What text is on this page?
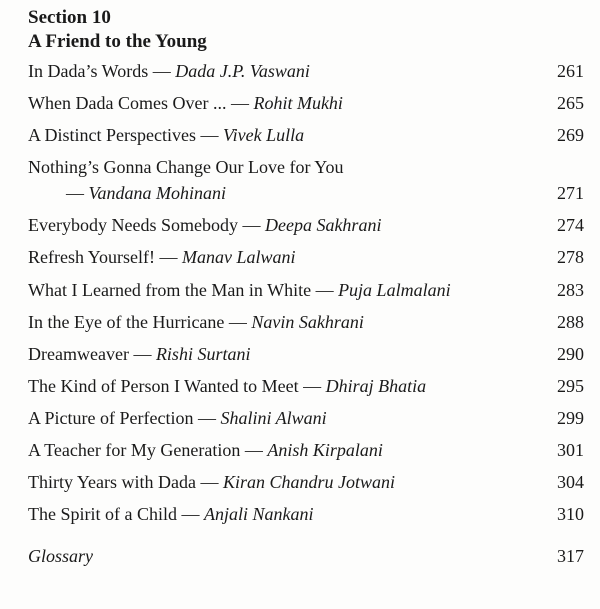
Section 10
A Friend to the Young
In Dada’s Words — Dada J.P. Vaswani	261
When Dada Comes Over ... — Rohit Mukhi	265
A Distinct Perspectives — Vivek Lulla	269
Nothing’s Gonna Change Our Love for You
— Vandana Mohinani	271
Everybody Needs Somebody — Deepa Sakhrani	274
Refresh Yourself! — Manav Lalwani	278
What I Learned from the Man in White — Puja Lalmalani	283
In the Eye of the Hurricane — Navin Sakhrani	288
Dreamweaver — Rishi Surtani	290
The Kind of Person I Wanted to Meet — Dhiraj Bhatia	295
A Picture of Perfection — Shalini Alwani	299
A Teacher for My Generation — Anish Kirpalani	301
Thirty Years with Dada — Kiran Chandru Jotwani	304
The Spirit of a Child — Anjali Nankani	310
Glossary	317
